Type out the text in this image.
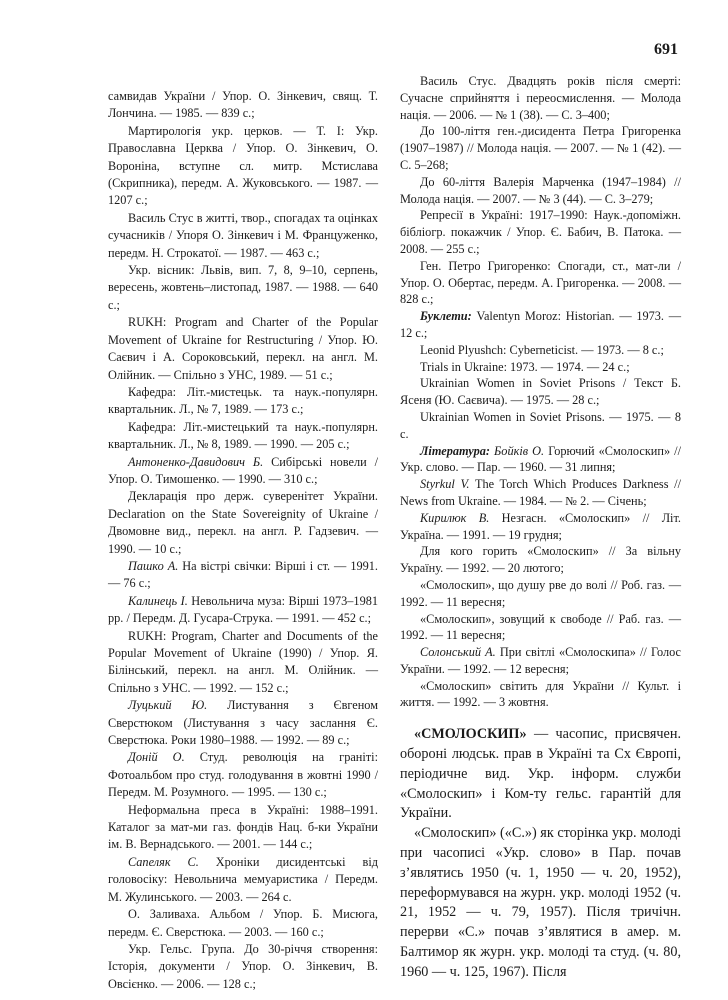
691

самвидав України / Упор. О. Зінкевич, свящ. Т. Лончина. — 1985. — 839 с.;

Мартирологія укр. церков. — Т. I: Укр. Православна Церква / Упор. О. Зінкевич, О. Вороніна, вступне сл. митр. Мстислава (Скрипника), передм. А. Жуковського. — 1987. — 1207 с.;

Василь Стус в житті, твор., спогадах та оцінках сучасників / Упоря О. Зінкевич і М. Француженко, передм. Н. Строкатої. — 1987. — 463 с.;

Укр. вісник: Львів, вип. 7, 8, 9–10, серпень, вересень, жовтень–листопад, 1987. — 1988. — 640 с.;

RUKH: Program and Charter of the Popular Movement of Ukraine for Restructuring / Упор. Ю. Саєвич і А. Сороковський, перекл. на англ. М. Олійник. — Спільно з УНС, 1989. — 51 с.;

Кафедра: Літ.-мистецьк. та наук.-популярн. квартальник. Л., № 7, 1989. — 173 с.;

Кафедра: Літ.-мистецький та наук.-популярн. квартальник. Л., № 8, 1989. — 1990. — 205 с.;

Антоненко-Давидович Б. Сибірські новели / Упор. О. Тимошенко. — 1990. — 310 с.;

Декларація про держ. суверенітет України. Declaration on the State Sovereignity of Ukraine / Двомовне вид., перекл. на англ. Р. Гадзевич. — 1990. — 10 с.;

Пашко А. На вістрі свічки: Вірші і ст. — 1991. — 76 с.;

Калинець І. Невольнича муза: Вірші 1973–1981 рр. / Передм. Д. Гусара-Струка. — 1991. — 452 с.;

RUKH: Program, Charter and Documents of the Popular Movement of Ukraine (1990) / Упор. Я. Білінський, перекл. на англ. М. Олійник. — Спільно з УНС. — 1992. — 152 с.;

Луцький Ю. Листування з Євгеном Сверстюком (Листування з часу заслання Є. Сверстюка. Роки 1980–1988. — 1992. — 89 с.;

Доній О. Студ. революція на граніті: Фотоальбом про студ. голодування в жовтні 1990 / Передм. М. Розумного. — 1995. — 130 с.;

Неформальна преса в Україні: 1988–1991. Каталог за мат-ми газ. фондів Нац. б-ки України ім. В. Вернадського. — 2001. — 144 с.;

Сапеляк С. Хроніки дисидентські від головосіку: Невольнича мемуаристика / Передм. М. Жулинського. — 2003. — 264 с.

О. Заливаха. Альбом / Упор. Б. Мисюга, передм. Є. Сверстюка. — 2003. — 160 с.;

Укр. Гельс. Група. До 30-річчя створення: Історія, документи / Упор. О. Зінкевич, В. Овсієнко. — 2006. — 128 с.;

Василь Стус. Двадцять років після смерті: Сучасне сприйняття і переосмислення. — Молода нація. — 2006. — № 1 (38). — С. 3–400;

До 100-ліття ген.-дисидента Петра Григоренка (1907–1987) // Молода нація. — 2007. — № 1 (42). — С. 5–268;

До 60-ліття Валерія Марченка (1947–1984) // Молода нація. — 2007. — № 3 (44). — С. 3–279;

Репресії в Україні: 1917–1990: Наук.-допоміжн. бібліогр. покажчик / Упор. Є. Бабич, В. Патока. — 2008. — 255 с.;

Ген. Петро Григоренко: Спогади, ст., мат-ли / Упор. О. Обертас, передм. А. Григоренка. — 2008. — 828 с.;

Буклети: Valentyn Moroz: Historian. — 1973. — 12 с.;

Leonid Plyushch: Cyberneticist. — 1973. — 8 с.;

Trials in Ukraine: 1973. — 1974. — 24 с.;

Ukrainian Women in Soviet Prisons / Текст Б. Ясеня (Ю. Саєвича). — 1975. — 28 с.;

Ukrainian Women in Soviet Prisons. — 1975. — 8 с.

Література: Бойків О. Горючий «Смолоскип» // Укр. слово. — Пар. — 1960. — 31 липня;

Styrkul V. The Torch Which Produces Darkness // News from Ukraine. — 1984. — № 2. — Січень;

Кирилюк В. Незгасн. «Смолоскип» // Літ. Україна. — 1991. — 19 грудня;

Для кого горить «Смолоскип» // За вільну Україну. — 1992. — 20 лютого;

«Смолоскип», що душу рве до волі // Роб. газ. — 1992. — 11 вересня;

«Смолоскип», зовущий к свободе // Раб. газ. — 1992. — 11 вересня;

Солонський А. При світлі «Смолоскипа» // Голос України. — 1992. — 12 вересня;

«Смолоскип» світить для України // Культ. і життя. — 1992. — 3 жовтня.

«СМОЛОСКИП» — часопис, присвячен. обороні людськ. прав в Україні та Сх Європі, періодичне вид. Укр. інформ. служби «Смолоскип» і Ком-ту гельс. гарантій для України.

«Смолоскип» («С.») як сторінка укр. молоді при часописі «Укр. слово» в Пар. почав з’являтись 1950 (ч. 1, 1950 — ч. 20, 1952), переформувався на журн. укр. молоді 1952 (ч. 21, 1952 — ч. 79, 1957). Після тричічн. перерви «С.» почав з’являтися в амер. м. Балтимор як журн. укр. молоді та студ. (ч. 80, 1960 — ч. 125, 1967). Після
